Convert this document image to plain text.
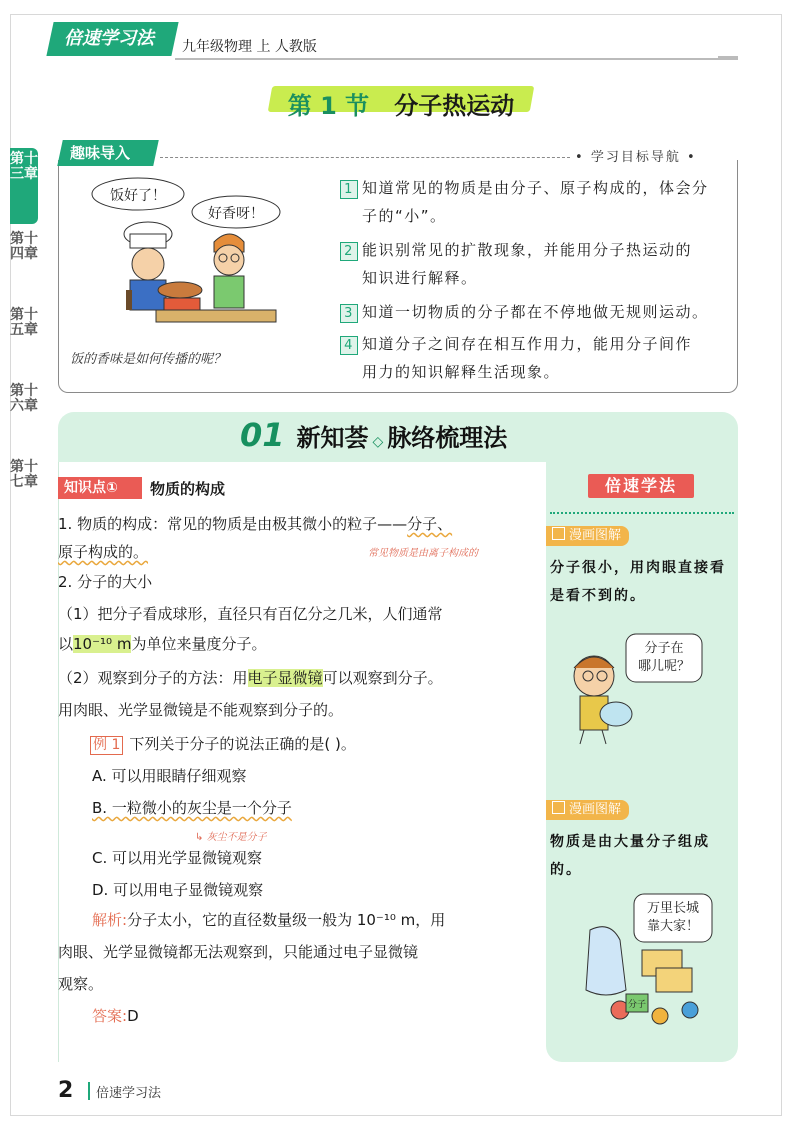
倍速学习法	九年级物理 上 人教版
第 1 节 分子热运动
第十三章
第十四章
第十五章
第十六章
第十七章
趣味导入	• 学习目标导航 •
饭好了！
好香呀！
饭的香味是如何传播的呢？
1 知道常见的物质是由分子、原子构成的，体会分
子的“小”。
2 能识别常见的扩散现象，并能用分子热运动的
知识进行解释。
3 知道一切物质的分子都在不停地做无规则运动。
4 知道分子之间存在相互作用力，能用分子间作
用力的知识解释生活现象。
01 新知荟 ◇ 脉络梳理法
倍速学法
漫画图解
分子很小，用肉眼直接看是看不到的。
分子在
哪儿呢？
漫画图解
物质是由大量分子组成的。
万里长城
靠大家！
分子
知识点①	物质的构成
1. 物质的构成：常见的物质是由极其微小的粒子——分子、
原子构成的。	常见物质是由离子构成的
2. 分子的大小
（1）把分子看成球形，直径只有百亿分之几米，人们通常
以10⁻¹⁰ m为单位来量度分子。
（2）观察到分子的方法：用电子显微镜可以观察到分子。
用肉眼、光学显微镜是不能观察到分子的。
例 1 下列关于分子的说法正确的是( )。
A. 可以用眼睛仔细观察
B. 一粒微小的灰尘是一个分子
↳ 灰尘不是分子
C. 可以用光学显微镜观察
D. 可以用电子显微镜观察
解析:分子太小，它的直径数量级一般为 10⁻¹⁰ m，用
肉眼、光学显微镜都无法观察到，只能通过电子显微镜
观察。
答案:D
2 倍速学习法
